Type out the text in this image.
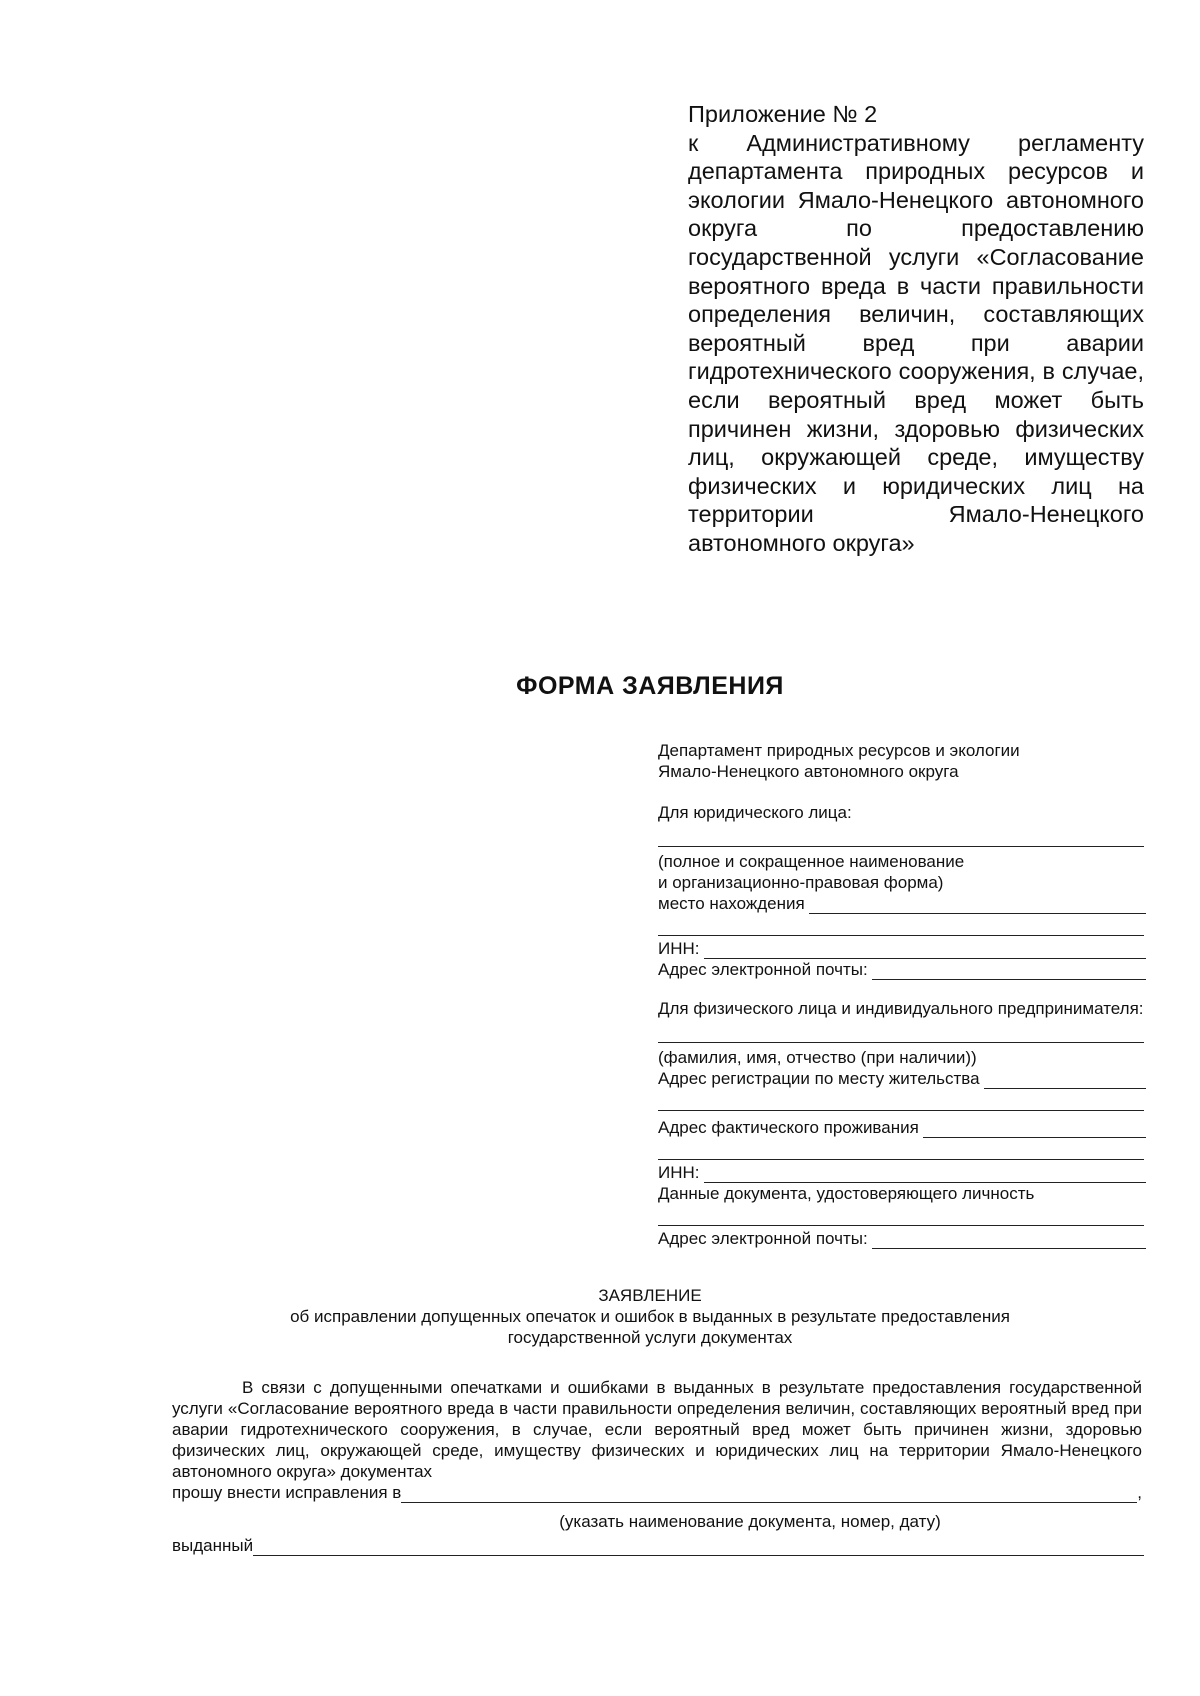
Приложение № 2
к Административному регламенту департамента природных ресурсов и экологии Ямало-Ненецкого автономного округа по предоставлению государственной услуги «Согласование вероятного вреда в части правильности определения величин, составляющих вероятный вред при аварии гидротехнического сооружения, в случае, если вероятный вред может быть причинен жизни, здоровью физических лиц, окружающей среде, имуществу физических и юридических лиц на территории Ямало-Ненецкого автономного округа»
ФОРМА ЗАЯВЛЕНИЯ
Департамент природных ресурсов и экологии
Ямало-Ненецкого автономного округа
Для юридического лица:
(полное и сокращенное наименование
и организационно-правовая форма)
место нахождения
ИНН:
Адрес электронной почты:
Для физического лица и индивидуального предпринимателя:
(фамилия, имя, отчество (при наличии))
Адрес регистрации по месту жительства
Адрес фактического проживания
ИНН:
Данные документа, удостоверяющего личность
Адрес электронной почты:
ЗАЯВЛЕНИЕ
об исправлении допущенных опечаток и ошибок в выданных в результате предоставления
государственной услуги документах
В связи с допущенными опечатками и ошибками в выданных в результате предоставления государственной услуги «Согласование вероятного вреда в части правильности определения величин, составляющих вероятный вред при аварии гидротехнического сооружения, в случае, если вероятный вред может быть причинен жизни, здоровью физических лиц, окружающей среде, имуществу физических и юридических лиц на территории Ямало-Ненецкого автономного округа» документах
прошу внести исправления в	,
(указать наименование документа, номер, дату)
выданный
